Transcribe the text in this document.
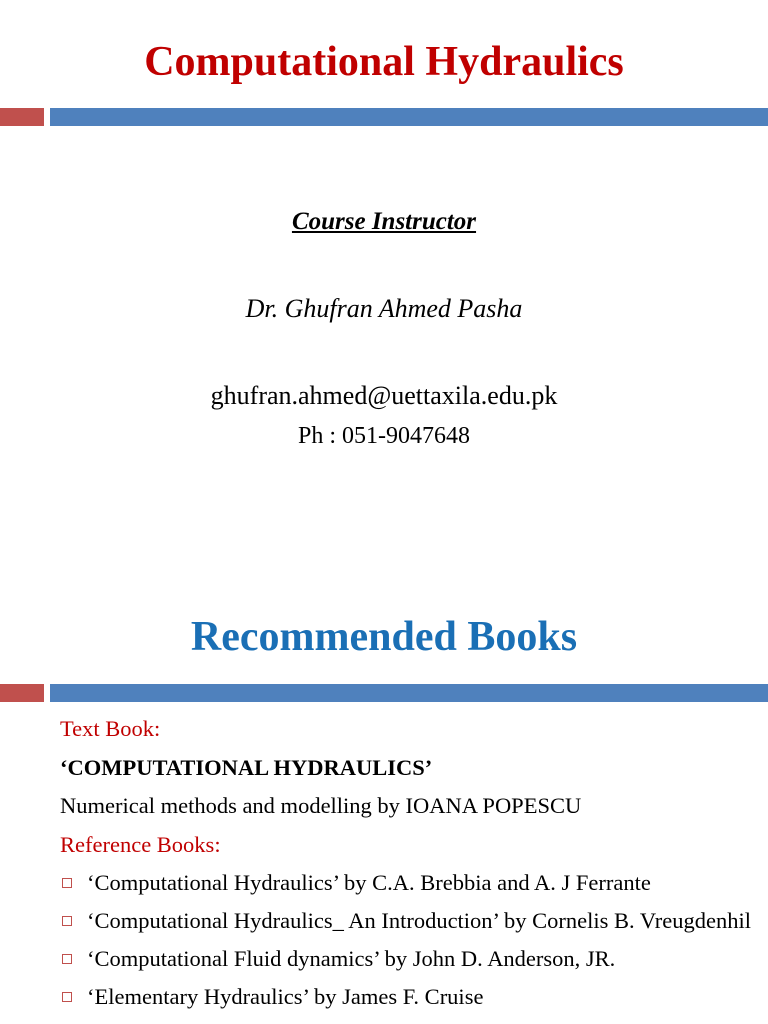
Computational Hydraulics
Course Instructor
Dr. Ghufran Ahmed Pasha
ghufran.ahmed@uettaxila.edu.pk
Ph : 051-9047648
Recommended Books
Text Book:
‘COMPUTATIONAL HYDRAULICS’
Numerical methods and modelling by IOANA POPESCU
Reference Books:
‘Computational Hydraulics’ by C.A. Brebbia and A. J Ferrante
‘Computational Hydraulics_ An Introduction’ by Cornelis B. Vreugdenhil
‘Computational Fluid dynamics’ by John D. Anderson, JR.
‘Elementary Hydraulics’ by James F. Cruise
